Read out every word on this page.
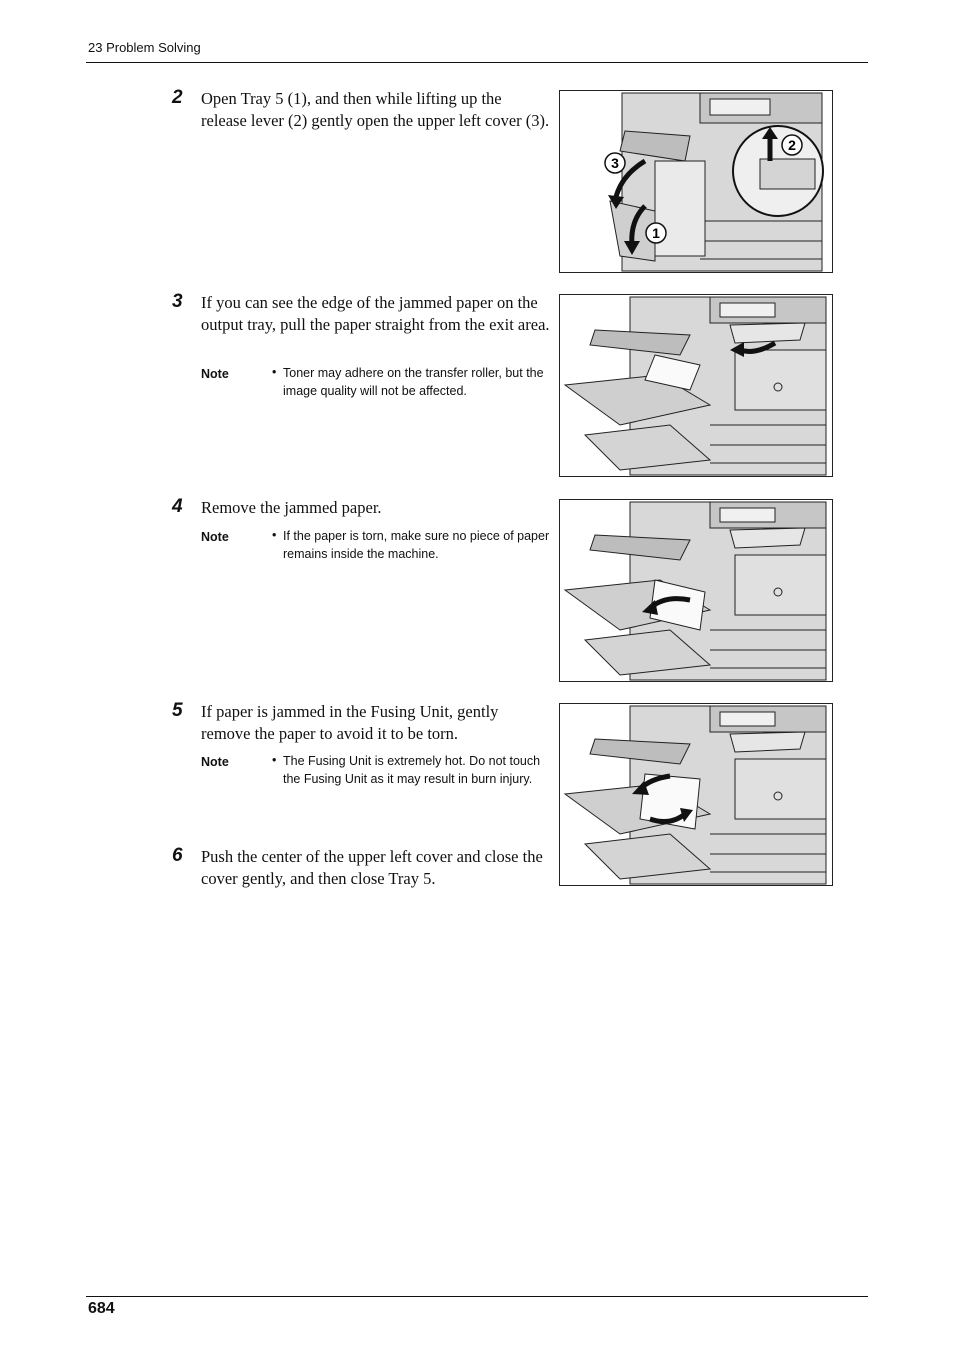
23 Problem Solving
2 Open Tray 5 (1), and then while lifting up the release lever (2) gently open the upper left cover (3).
3
1
2
3 If you can see the edge of the jammed paper on the output tray, pull the paper straight from the exit area.
Note	• Toner may adhere on the transfer roller, but the image quality will not be affected.
4 Remove the jammed paper.
Note	• If the paper is torn, make sure no piece of paper remains inside the machine.
5 If paper is jammed in the Fusing Unit, gently remove the paper to avoid it to be torn.
Note	• The Fusing Unit is extremely hot. Do not touch the Fusing Unit as it may result in burn injury.
6 Push the center of the upper left cover and close the cover gently, and then close Tray 5.
684
